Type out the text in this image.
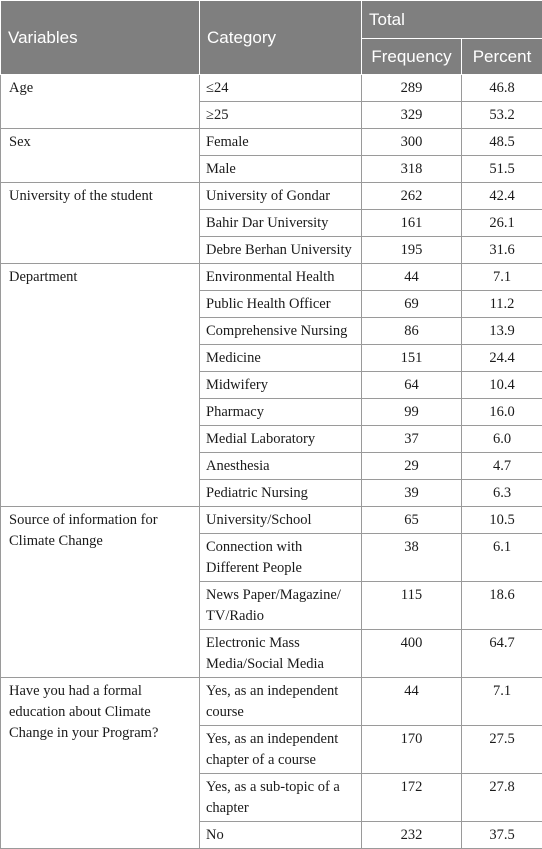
Variables	Category	Total	
		Frequency	Percent
Age	≤24	289	46.8
	≥25	329	53.2
Sex	Female	300	48.5
	Male	318	51.5
University of the student	University of Gondar	262	42.4
	Bahir Dar University	161	26.1
	Debre Berhan University	195	31.6
Department	Environmental Health	44	7.1
	Public Health Officer	69	11.2
	Comprehensive Nursing	86	13.9
	Medicine	151	24.4
	Midwifery	64	10.4
	Pharmacy	99	16.0
	Medial Laboratory	37	6.0
	Anesthesia	29	4.7
	Pediatric Nursing	39	6.3
Source of information for Climate Change	University/School	65	10.5
	Connection with Different People	38	6.1
	News Paper/Magazine/ TV/Radio	115	18.6
	Electronic Mass Media/Social Media	400	64.7
Have you had a formal education about Climate Change in your Program?	Yes, as an independent course	44	7.1
	Yes, as an independent chapter of a course	170	27.5
	Yes, as a sub-topic of a chapter	172	27.8
	No	232	37.5
